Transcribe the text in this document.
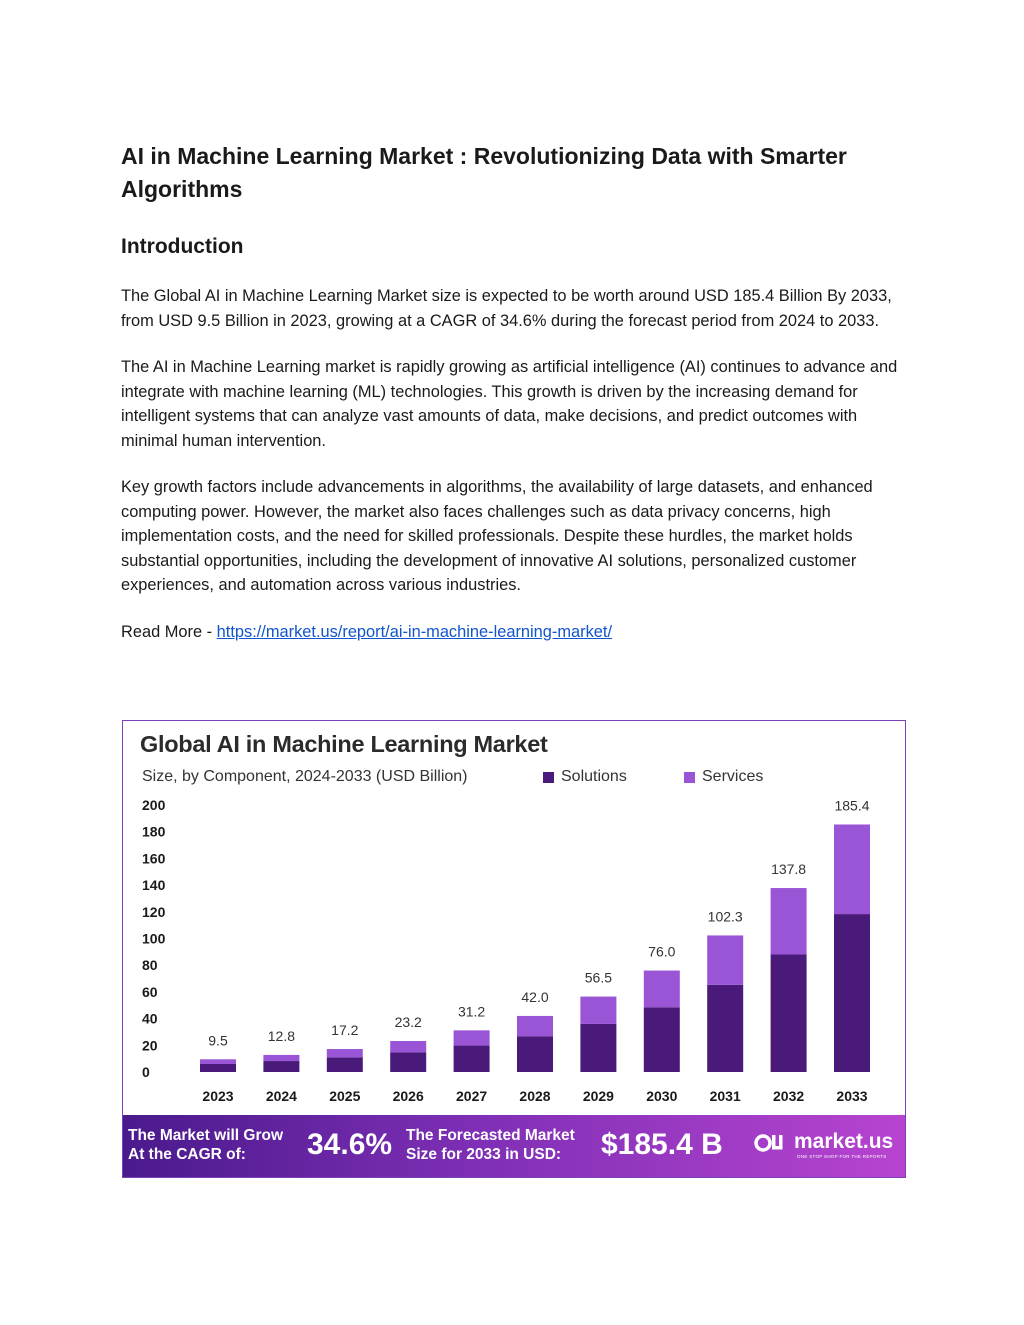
AI in Machine Learning Market : Revolutionizing Data with Smarter Algorithms
Introduction

The Global AI in Machine Learning Market size is expected to be worth around USD 185.4 Billion By 2033, from USD 9.5 Billion in 2023, growing at a CAGR of 34.6% during the forecast period from 2024 to 2033.

The AI in Machine Learning market is rapidly growing as artificial intelligence (AI) continues to advance and integrate with machine learning (ML) technologies. This growth is driven by the increasing demand for intelligent systems that can analyze vast amounts of data, make decisions, and predict outcomes with minimal human intervention.

Key growth factors include advancements in algorithms, the availability of large datasets, and enhanced computing power. However, the market also faces challenges such as data privacy concerns, high implementation costs, and the need for skilled professionals. Despite these hurdles, the market holds substantial opportunities, including the development of innovative AI solutions, personalized customer experiences, and automation across various industries.

Read More - https://market.us/report/ai-in-machine-learning-market/

Global AI in Machine Learning Market
Size, by Component, 2024-2033 (USD Billion)	Solutions	Services
0
20
40
60
80
100
120
140
160
180
200
9.5
2023
12.8
2024
17.2
2025
23.2
2026
31.2
2027
42.0
2028
56.5
2029
76.0
2030
102.3
2031
137.8
2032
185.4
2033
The Market will Grow
At the CAGR of:	34.6% The Forecasted Market
Size for 2033 in USD:	$185.4 B	market.us
ONE STOP SHOP FOR THE REPORTS
